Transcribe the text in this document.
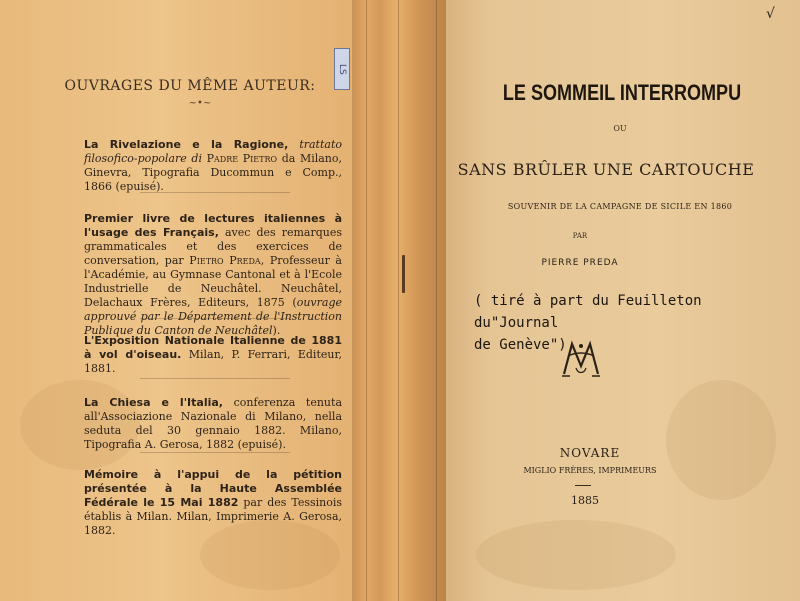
OUVRAGES DU MÊME AUTEUR:
~•~
La Rivelazione e la Ragione, trattato filosofico-popolare di Padre Pietro da Milano, Ginevra, Tipografia Ducommun e Comp., 1866 (epuisé).
Premier livre de lectures italiennes à l'usage des Français, avec des remarques grammaticales et des exercices de conversation, par Pietro Preda, Professeur à l'Académie, au Gymnase Cantonal et à l'Ecole Industrielle de Neuchâtel. Neuchâtel, Delachaux Frères, Editeurs, 1875 (ouvrage approuvé par le Département de l'Instruction Publique du Canton de Neuchâtel).
L'Exposition Nationale Italienne de 1881 à vol d'oiseau. Milan, P. Ferrari, Editeur, 1881.
La Chiesa e l'Italia, conferenza tenuta all'Associazione Nazionale di Milano, nella seduta del 30 gennaio 1882. Milano, Tipografia A. Gerosa, 1882 (epuisé).
Mémoire à l'appui de la pétition présentée à la Haute Assemblée Fédérale le 15 Mai 1882 par des Tessinois établis à Milan. Milan, Imprimerie A. Gerosa, 1882.
LS
√
LE SOMMEIL INTERROMPU
OU
SANS BRÛLER UNE CARTOUCHE
SOUVENIR DE LA CAMPAGNE DE SICILE EN 1860
PAR
PIERRE PREDA
( tiré à part du Feuilleton du"Journal
de Genève")
NOVARE
MIGLIO FRÈRES, IMPRIMEURS
1885
